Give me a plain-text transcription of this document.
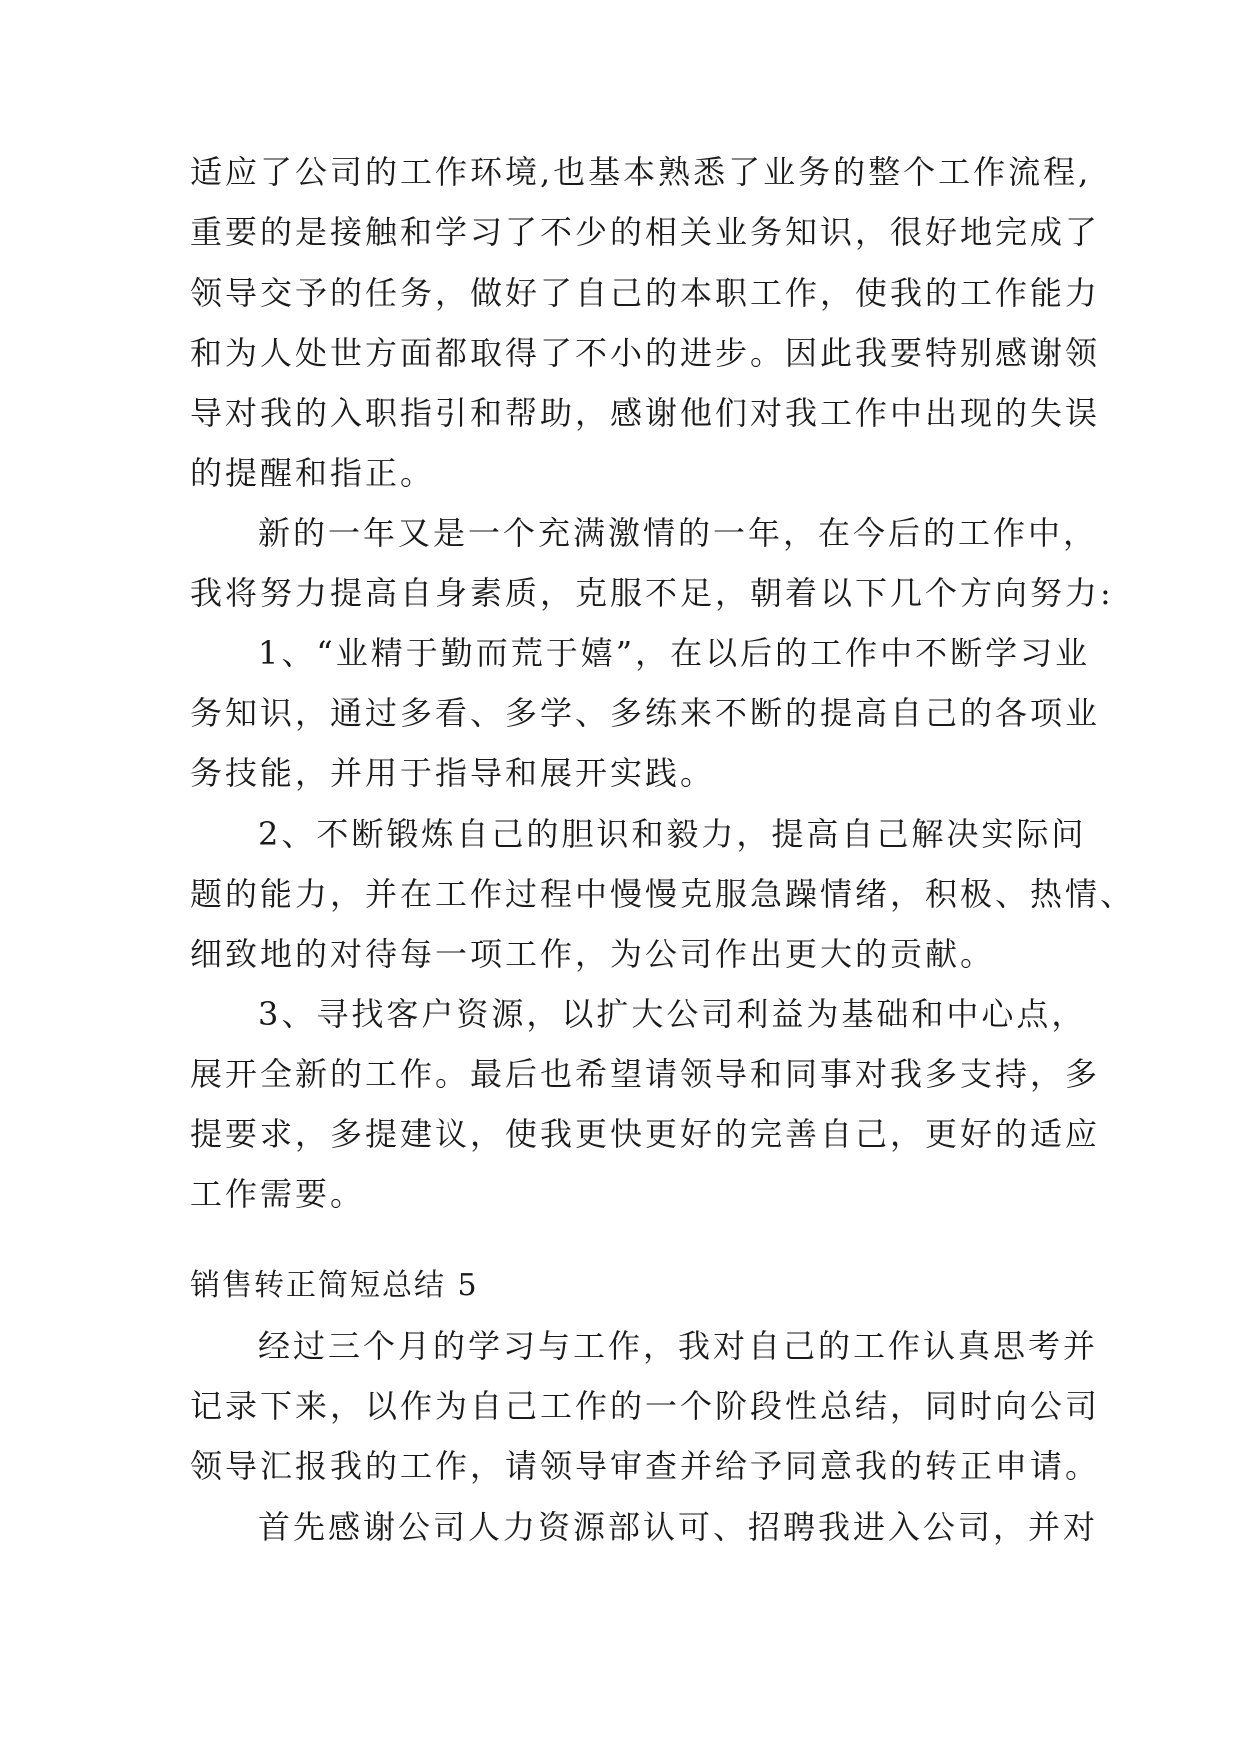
适应了公司的工作环境,也基本熟悉了业务的整个工作流程,
重要的是接触和学习了不少的相关业务知识，很好地完成了
领导交予的任务，做好了自己的本职工作，使我的工作能力
和为人处世方面都取得了不小的进步。因此我要特别感谢领
导对我的入职指引和帮助，感谢他们对我工作中出现的失误
的提醒和指正。
新的一年又是一个充满激情的一年，在今后的工作中，
我将努力提高自身素质，克服不足，朝着以下几个方向努力:
1、“业精于勤而荒于嬉”，在以后的工作中不断学习业
务知识，通过多看、多学、多练来不断的提高自己的各项业
务技能，并用于指导和展开实践。
2、不断锻炼自己的胆识和毅力，提高自己解决实际问
题的能力，并在工作过程中慢慢克服急躁情绪，积极、热情、
细致地的对待每一项工作，为公司作出更大的贡献。
3、寻找客户资源，以扩大公司利益为基础和中心点，
展开全新的工作。最后也希望请领导和同事对我多支持，多
提要求，多提建议，使我更快更好的完善自己，更好的适应
工作需要。
销售转正简短总结 5
经过三个月的学习与工作，我对自己的工作认真思考并
记录下来，以作为自己工作的一个阶段性总结，同时向公司
领导汇报我的工作，请领导审查并给予同意我的转正申请。
首先感谢公司人力资源部认可、招聘我进入公司，并对
